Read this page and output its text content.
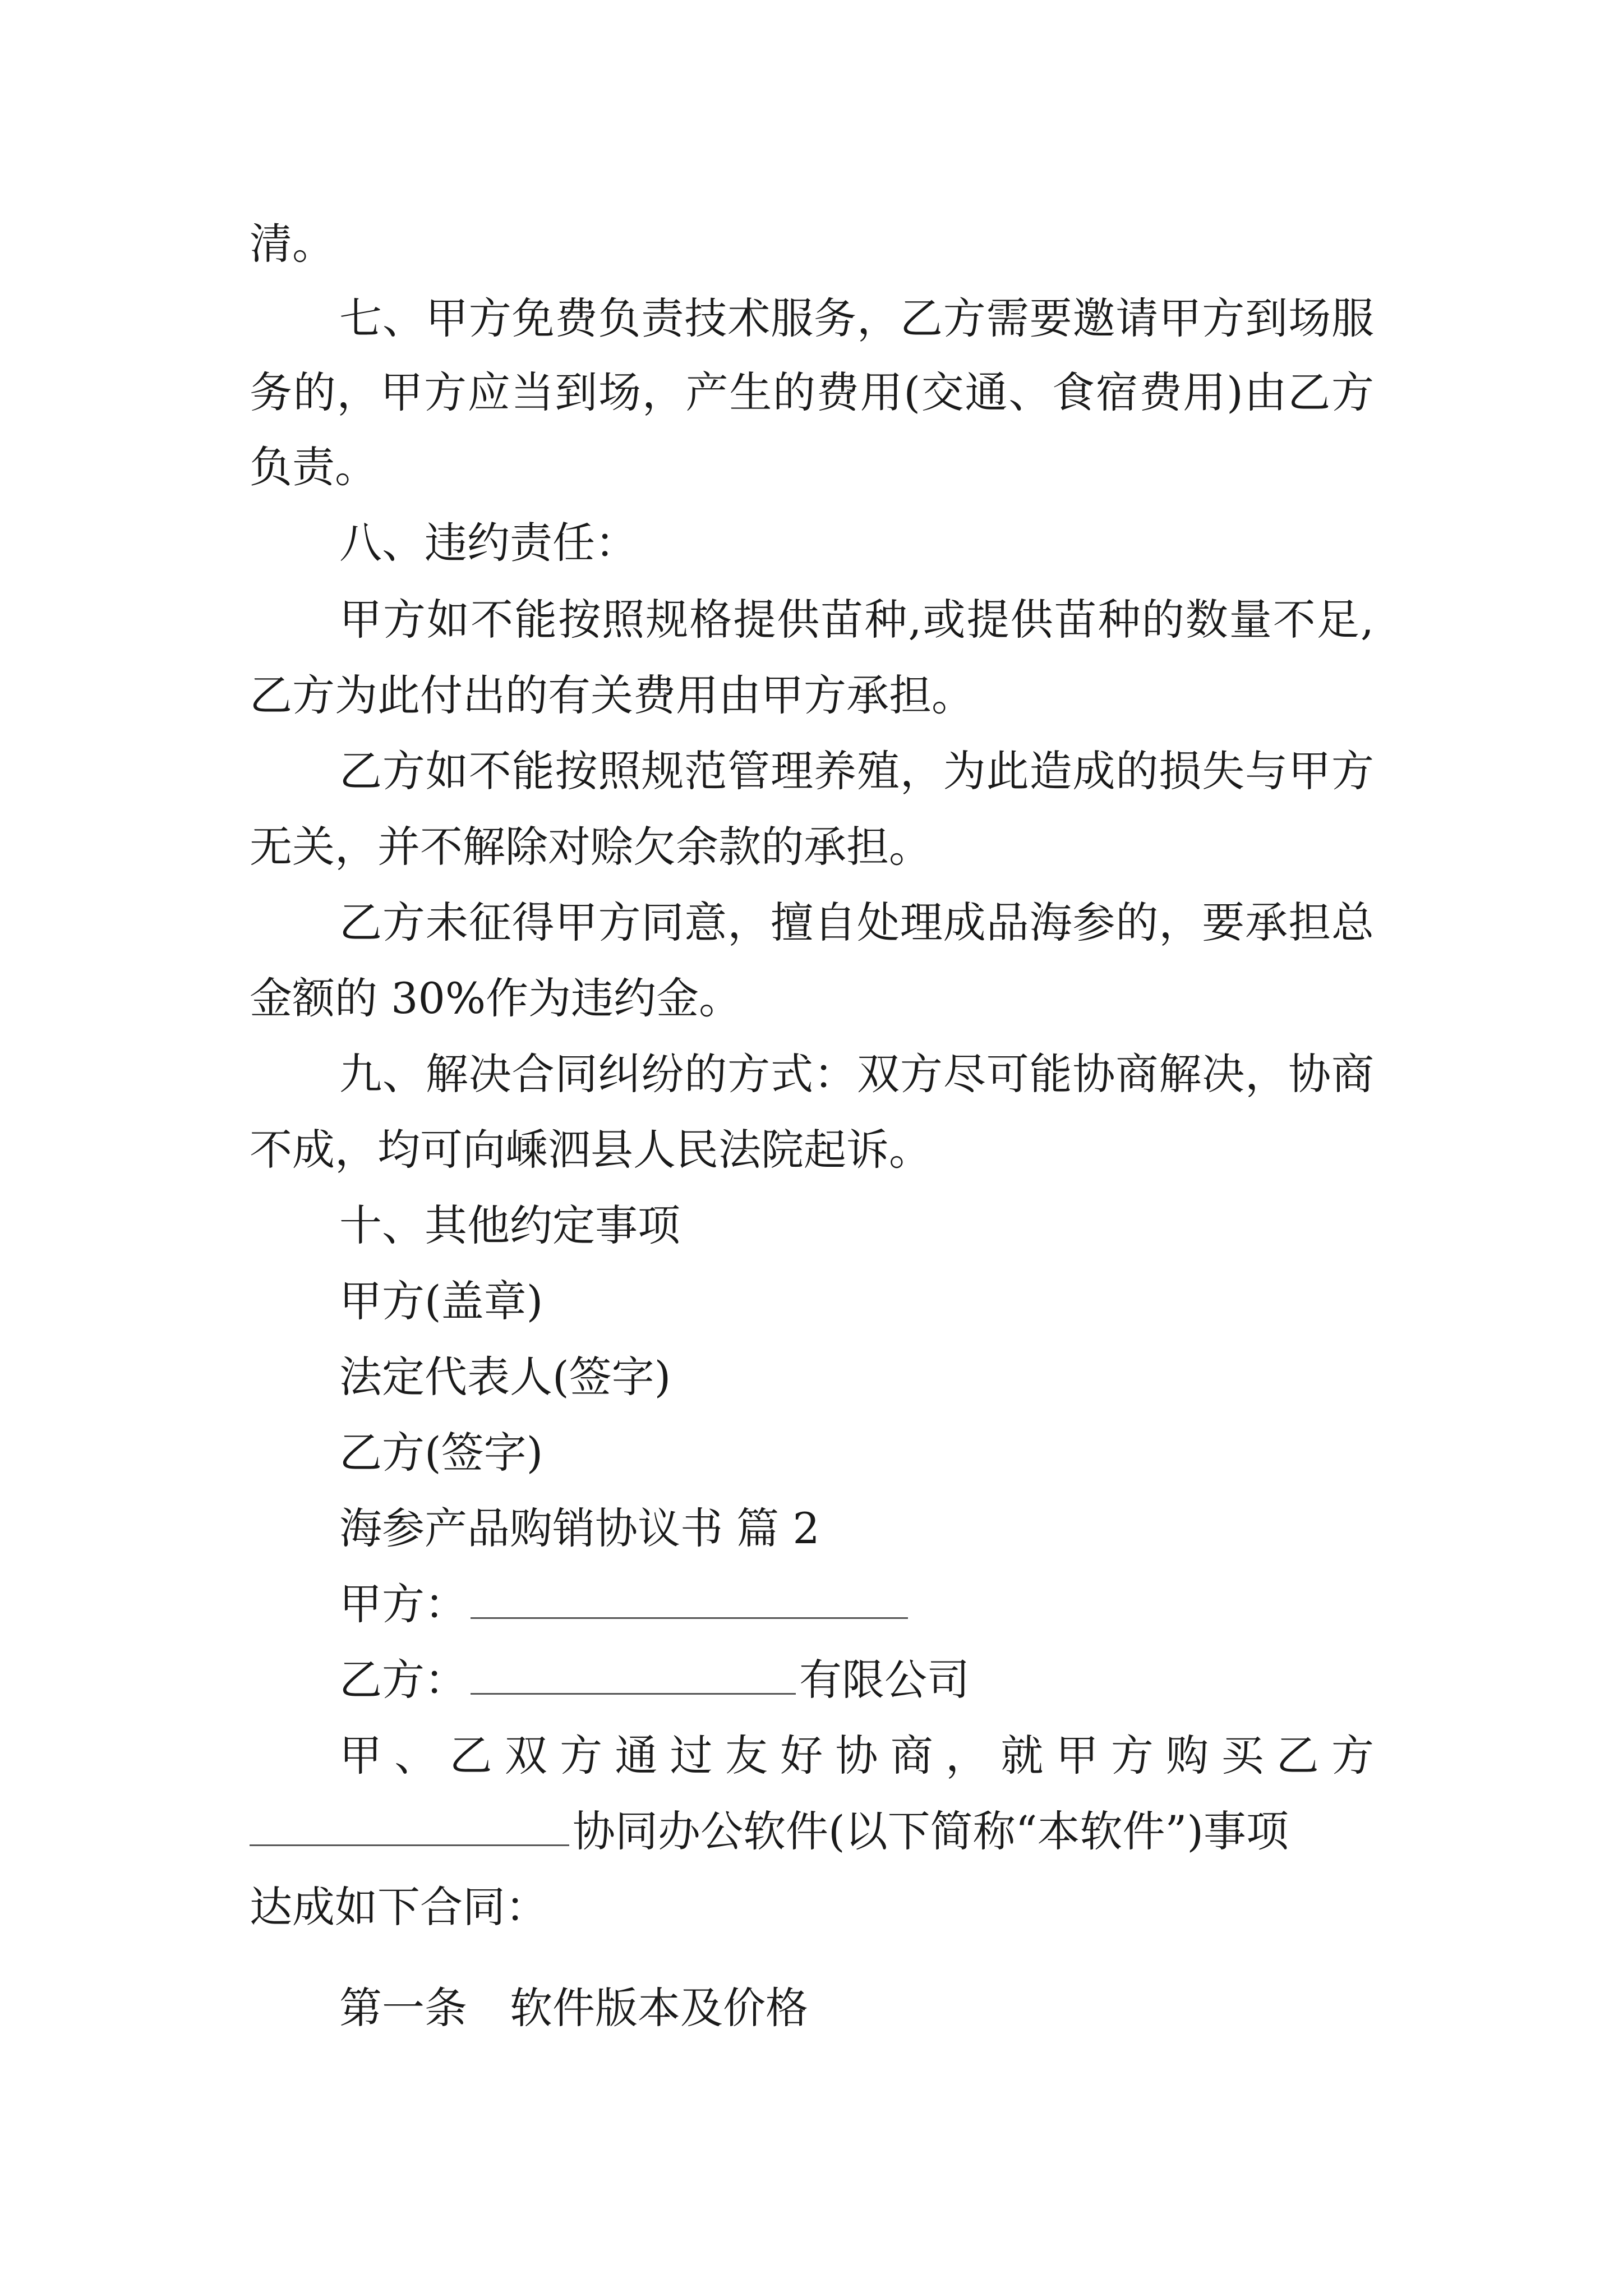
清。
七、甲方免费负责技术服务，乙方需要邀请甲方到场服
务的，甲方应当到场，产生的费用(交通、食宿费用)由乙方
负责。
八、违约责任：
甲方如不能按照规格提供苗种,或提供苗种的数量不足,
乙方为此付出的有关费用由甲方承担。
乙方如不能按照规范管理养殖，为此造成的损失与甲方
无关，并不解除对赊欠余款的承担。
乙方未征得甲方同意，擅自处理成品海参的，要承担总
金额的 30%作为违约金。
九、解决合同纠纷的方式：双方尽可能协商解决，协商
不成，均可向嵊泗县人民法院起诉。
十、其他约定事项
甲方(盖章)
法定代表人(签字)
乙方(签字)
海参产品购销协议书 篇 2
甲方：
乙方：	有限公司
甲、乙双方通过友好协商，就甲方购买乙方
协同办公软件(以下简称“本软件”)事项
达成如下合同：
第一条　软件版本及价格
